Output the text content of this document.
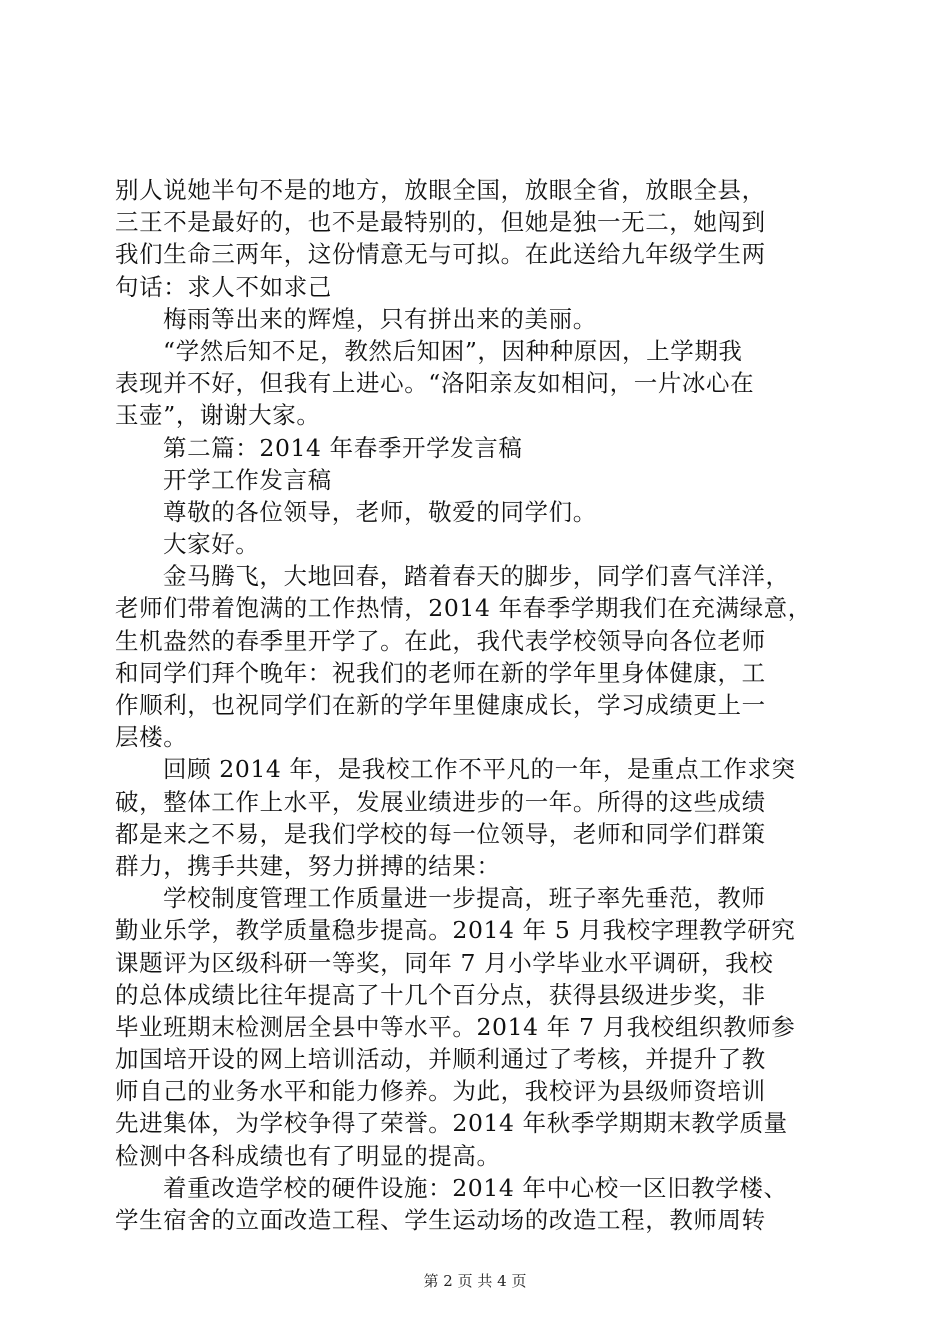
别人说她半句不是的地方，放眼全国，放眼全省，放眼全县，
三王不是最好的，也不是最特别的，但她是独一无二，她闯到
我们生命三两年，这份情意无与可拟。在此送给九年级学生两
句话：求人不如求己
梅雨等出来的辉煌，只有拼出来的美丽。
“学然后知不足，教然后知困”，因种种原因，上学期我
表现并不好，但我有上进心。“洛阳亲友如相问，一片冰心在
玉壶”，谢谢大家。
第二篇：2014 年春季开学发言稿
开学工作发言稿
尊敬的各位领导，老师，敬爱的同学们。
大家好。
金马腾飞，大地回春，踏着春天的脚步，同学们喜气洋洋，
老师们带着饱满的工作热情，2014 年春季学期我们在充满绿意，
生机盎然的春季里开学了。在此，我代表学校领导向各位老师
和同学们拜个晚年：祝我们的老师在新的学年里身体健康，工
作顺利，也祝同学们在新的学年里健康成长，学习成绩更上一
层楼。
回顾 2014 年，是我校工作不平凡的一年，是重点工作求突
破，整体工作上水平，发展业绩进步的一年。所得的这些成绩
都是来之不易，是我们学校的每一位领导，老师和同学们群策
群力，携手共建，努力拼搏的结果：
学校制度管理工作质量进一步提高，班子率先垂范，教师
勤业乐学，教学质量稳步提高。2014 年 5 月我校字理教学研究
课题评为区级科研一等奖，同年 7 月小学毕业水平调研，我校
的总体成绩比往年提高了十几个百分点，获得县级进步奖，非
毕业班期末检测居全县中等水平。2014 年 7 月我校组织教师参
加国培开设的网上培训活动，并顺利通过了考核，并提升了教
师自己的业务水平和能力修养。为此，我校评为县级师资培训
先进集体，为学校争得了荣誉。2014 年秋季学期期末教学质量
检测中各科成绩也有了明显的提高。
着重改造学校的硬件设施：2014 年中心校一区旧教学楼、
学生宿舍的立面改造工程、学生运动场的改造工程，教师周转
第 2 页 共 4 页
